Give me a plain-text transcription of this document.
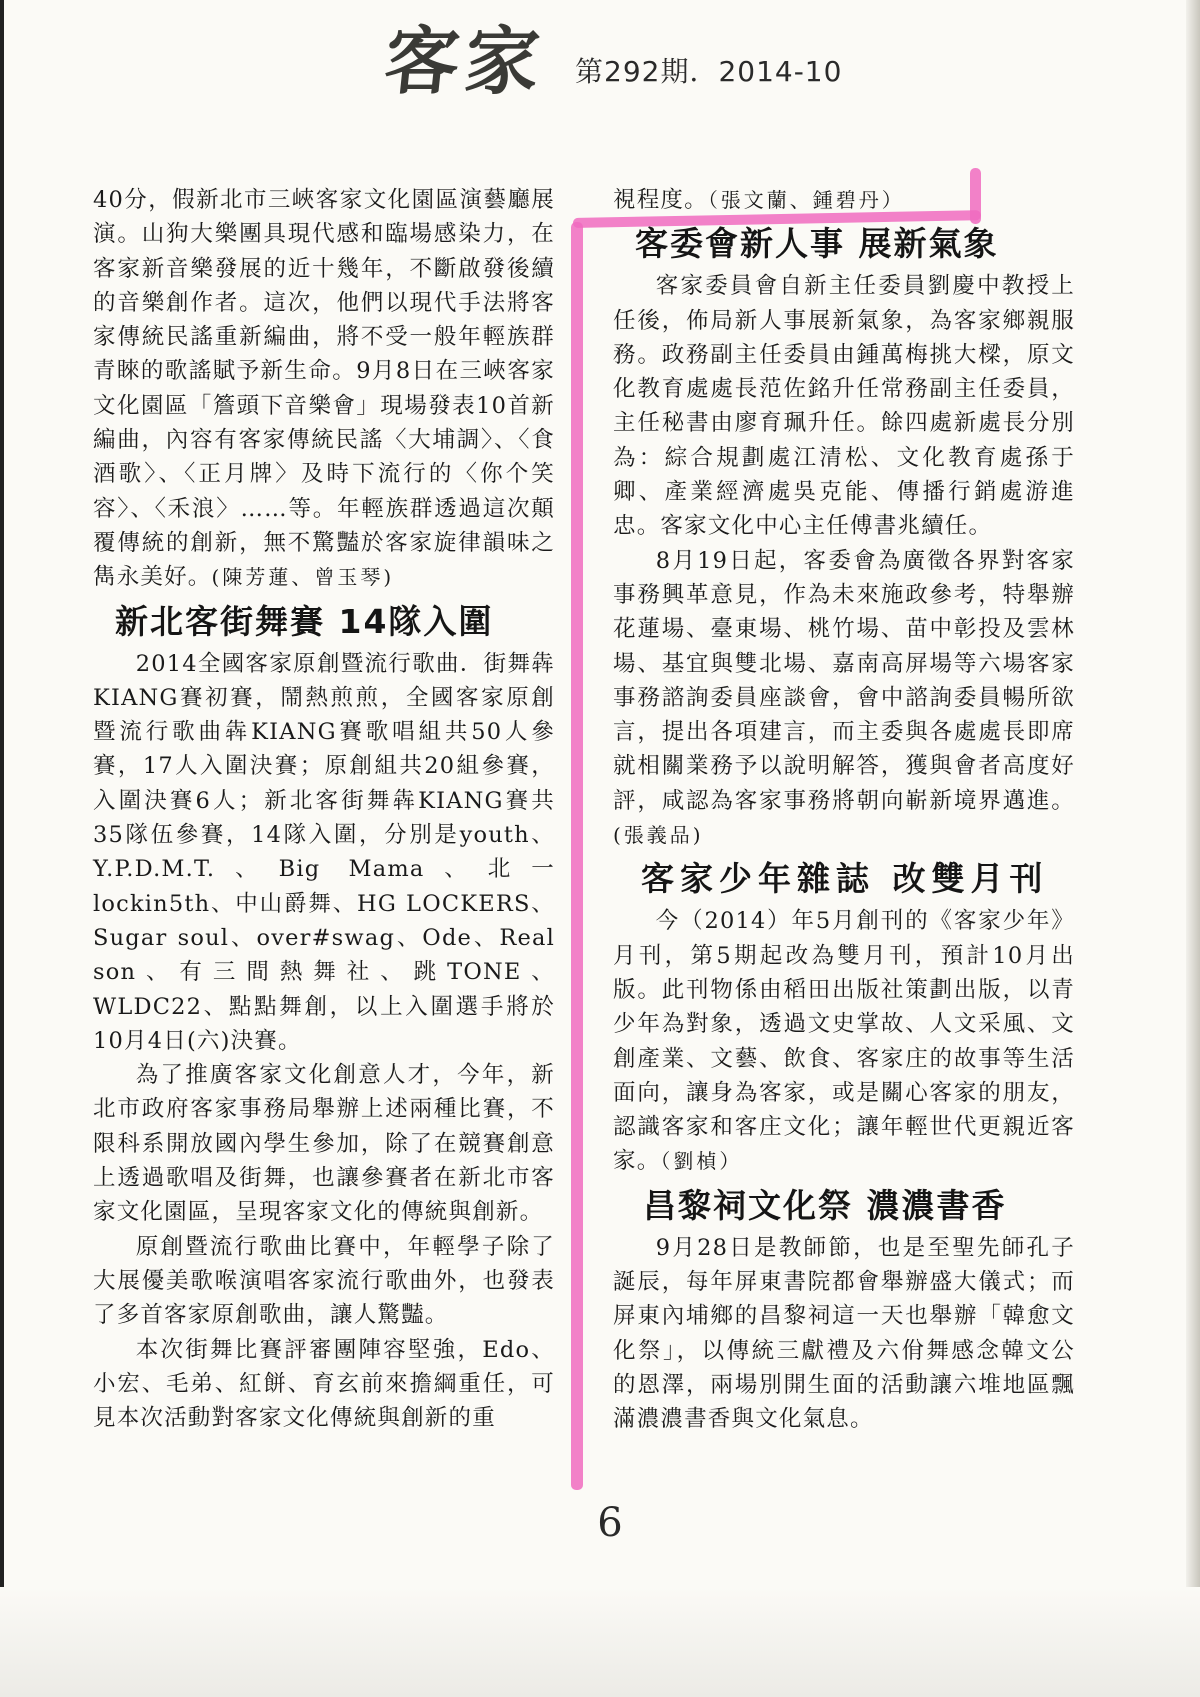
客家 第292期．2014-10

40分，假新北市三峽客家文化園區演藝廳展演。山狗大樂團具現代感和臨場感染力，在客家新音樂發展的近十幾年，不斷啟發後續的音樂創作者。這次，他們以現代手法將客家傳統民謠重新編曲，將不受一般年輕族群青睞的歌謠賦予新生命。9月8日在三峽客家文化園區「簷頭下音樂會」現場發表10首新編曲，內容有客家傳統民謠〈大埔調〉、〈食酒歌〉、〈正月牌〉及時下流行的〈你个笑容〉、〈禾浪〉……等。年輕族群透過這次顛覆傳統的創新，無不驚豔於客家旋律韻味之雋永美好。(陳芳蓮、曾玉琴)

新北客街舞賽 14隊入圍

2014全國客家原創暨流行歌曲．街舞犇KIANG賽初賽，鬧熱煎煎，全國客家原創暨流行歌曲犇KIANG賽歌唱組共50人參賽，17人入圍決賽；原創組共20組參賽，入圍決賽6人；新北客街舞犇KIANG賽共35隊伍參賽，14隊入圍，分別是youth、Y.P.D.M.T.、Big Mama、北一lockin5th、中山爵舞、HG LOCKERS、Sugar soul、over#swag、Ode、Real son、有三間熱舞社、跳TONE、WLDC22、點點舞創，以上入圍選手將於10月4日(六)決賽。

為了推廣客家文化創意人才，今年，新北市政府客家事務局舉辦上述兩種比賽，不限科系開放國內學生參加，除了在競賽創意上透過歌唱及街舞，也讓參賽者在新北市客家文化園區，呈現客家文化的傳統與創新。

原創暨流行歌曲比賽中，年輕學子除了大展優美歌喉演唱客家流行歌曲外，也發表了多首客家原創歌曲，讓人驚豔。

本次街舞比賽評審團陣容堅強，Edo、小宏、毛弟、紅餅、育玄前來擔綱重任，可見本次活動對客家文化傳統與創新的重

視程度。（張文蘭、鍾碧丹）

客委會新人事 展新氣象

客家委員會自新主任委員劉慶中教授上任後，佈局新人事展新氣象，為客家鄉親服務。政務副主任委員由鍾萬梅挑大樑，原文化教育處處長范佐銘升任常務副主任委員，主任秘書由廖育珮升任。餘四處新處長分別為：綜合規劃處江清松、文化教育處孫于卿、產業經濟處吳克能、傳播行銷處游進忠。客家文化中心主任傅書兆續任。

8月19日起，客委會為廣徵各界對客家事務興革意見，作為未來施政參考，特舉辦花蓮場、臺東場、桃竹場、苗中彰投及雲林場、基宜與雙北場、嘉南高屏場等六場客家事務諮詢委員座談會，會中諮詢委員暢所欲言，提出各項建言，而主委與各處處長即席就相關業務予以說明解答，獲與會者高度好評，咸認為客家事務將朝向嶄新境界邁進。(張義品)

客家少年雜誌 改雙月刊

今（2014）年5月創刊的《客家少年》月刊，第5期起改為雙月刊，預計10月出版。此刊物係由稻田出版社策劃出版，以青少年為對象，透過文史掌故、人文采風、文創產業、文藝、飲食、客家庄的故事等生活面向，讓身為客家，或是關心客家的朋友，認識客家和客庄文化；讓年輕世代更親近客家。（劉楨）

昌黎祠文化祭 濃濃書香

9月28日是教師節，也是至聖先師孔子誕辰，每年屏東書院都會舉辦盛大儀式；而屏東內埔鄉的昌黎祠這一天也舉辦「韓愈文化祭」，以傳統三獻禮及六佾舞感念韓文公的恩澤，兩場別開生面的活動讓六堆地區飄滿濃濃書香與文化氣息。

6
